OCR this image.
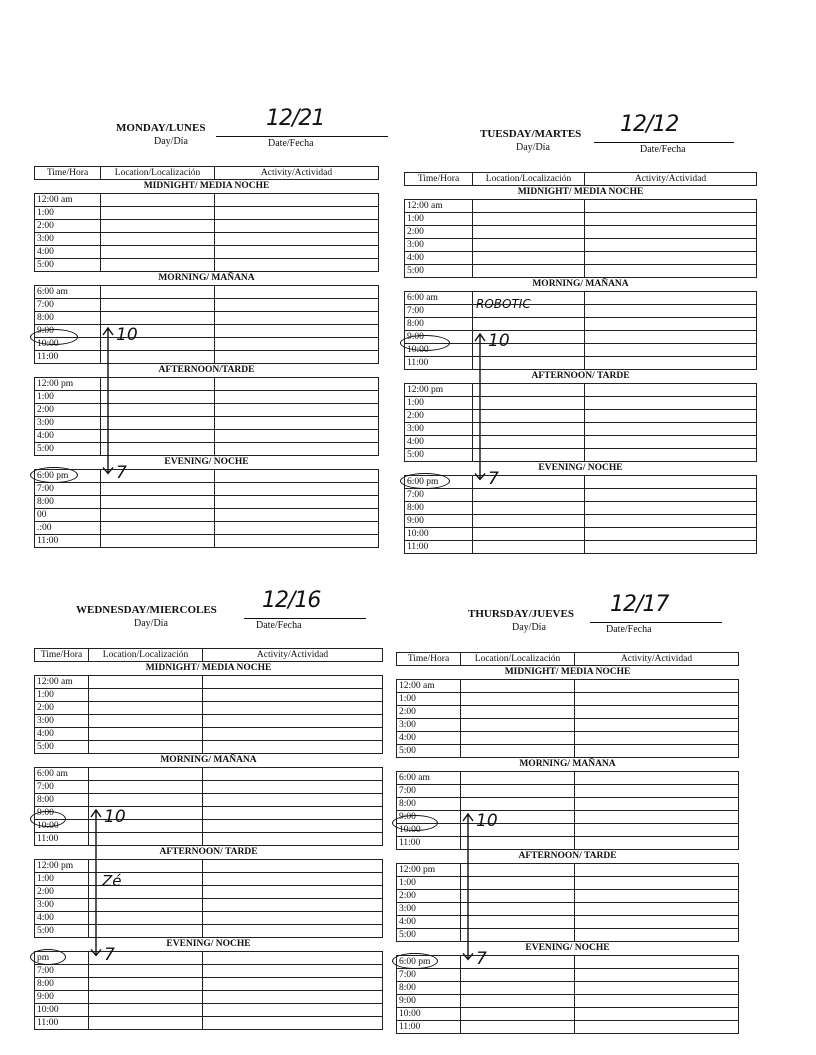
MONDAY/LUNES	12/21
Day/Día	Date/Fecha
Time/Hora	Location/Localización	Activity/Actividad
MIDNIGHT/ MEDIA NOCHE		
12:00 am		
1:00		
2:00		
3:00		
4:00		
5:00		
MORNING/ MAÑANA		
6:00 am		
7:00		
8:00		
9:00		
10:00		
11:00		
AFTERNOON/TARDE		
12:00 pm		
1:00		
2:00		
3:00		
4:00		
5:00		
EVENING/ NOCHE		
6:00 pm		
7:00		
8:00		
00		
.:00		
11:00		
10
7
TUESDAY/MARTES 12/12
Day/Día	Date/Fecha
Time/Hora	Location/Localización	Activity/Actividad
MIDNIGHT/ MEDIA NOCHE		
12:00 am		
1:00		
2:00		
3:00		
4:00		
5:00		
MORNING/ MAÑANA		
6:00 am		
7:00		
8:00		
9:00		
10:00		
11:00		
AFTERNOON/ TARDE		
12:00 pm		
1:00		
2:00		
3:00		
4:00		
5:00		
EVENING/ NOCHE		
6:00 pm		
7:00		
8:00		
9:00		
10:00		
11:00		
10
7
ROBOTIC
WEDNESDAY/MIERCOLES 12/16
Day/Día	Date/Fecha
Time/Hora	Location/Localización	Activity/Actividad
MIDNIGHT/ MEDIA NOCHE		
12:00 am		
1:00		
2:00		
3:00		
4:00		
5:00		
MORNING/ MAÑANA		
6:00 am		
7:00		
8:00		
9:00		
10:00		
11:00		
AFTERNOON/ TARDE		
12:00 pm		
1:00		
2:00		
3:00		
4:00		
5:00		
EVENING/ NOCHE		
pm		
7:00		
8:00		
9:00		
10:00		
11:00		
10
7
Zé
THURSDAY/JUEVES 12/17
Day/Día	Date/Fecha
Time/Hora	Location/Localización	Activity/Actividad
MIDNIGHT/ MEDIA NOCHE		
12:00 am		
1:00		
2:00		
3:00		
4:00		
5:00		
MORNING/ MAÑANA		
6:00 am		
7:00		
8:00		
9:00		
10:00		
11:00		
AFTERNOON/ TARDE		
12:00 pm		
1:00		
2:00		
3:00		
4:00		
5:00		
EVENING/ NOCHE		
6:00 pm		
7:00		
8:00		
9:00		
10:00		
11:00		
10
7
